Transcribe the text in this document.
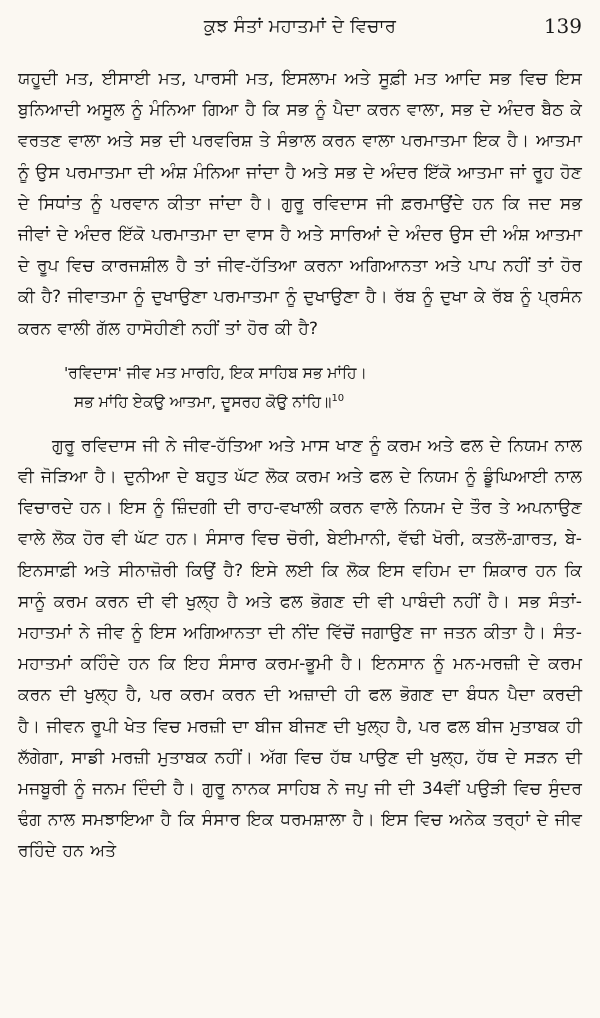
ਕੁਝ ਸੰਤਾਂ ਮਹਾਤਮਾਂ ਦੇ ਵਿਚਾਰ	139

ਯਹੂਦੀ ਮਤ, ਈਸਾਈ ਮਤ, ਪਾਰਸੀ ਮਤ, ਇਸਲਾਮ ਅਤੇ ਸੂਫ਼ੀ ਮਤ ਆਦਿ ਸਭ ਵਿਚ ਇਸ ਬੁਨਿਆਦੀ ਅਸੂਲ ਨੂੰ ਮੰਨਿਆ ਗਿਆ ਹੈ ਕਿ ਸਭ ਨੂੰ ਪੈਦਾ ਕਰਨ ਵਾਲਾ, ਸਭ ਦੇ ਅੰਦਰ ਬੈਠ ਕੇ ਵਰਤਣ ਵਾਲਾ ਅਤੇ ਸਭ ਦੀ ਪਰਵਰਿਸ਼ ਤੇ ਸੰਭਾਲ ਕਰਨ ਵਾਲਾ ਪਰਮਾਤਮਾ ਇਕ ਹੈ। ਆਤਮਾ ਨੂੰ ਉਸ ਪਰਮਾਤਮਾ ਦੀ ਅੰਸ਼ ਮੰਨਿਆ ਜਾਂਦਾ ਹੈ ਅਤੇ ਸਭ ਦੇ ਅੰਦਰ ਇੱਕੋ ਆਤਮਾ ਜਾਂ ਰੂਹ ਹੋਣ ਦੇ ਸਿਧਾਂਤ ਨੂੰ ਪਰਵਾਨ ਕੀਤਾ ਜਾਂਦਾ ਹੈ। ਗੁਰੂ ਰਵਿਦਾਸ ਜੀ ਫ਼ਰਮਾਉਂਦੇ ਹਨ ਕਿ ਜਦ ਸਭ ਜੀਵਾਂ ਦੇ ਅੰਦਰ ਇੱਕੋ ਪਰਮਾਤਮਾ ਦਾ ਵਾਸ ਹੈ ਅਤੇ ਸਾਰਿਆਂ ਦੇ ਅੰਦਰ ਉਸ ਦੀ ਅੰਸ਼ ਆਤਮਾ ਦੇ ਰੂਪ ਵਿਚ ਕਾਰਜਸ਼ੀਲ ਹੈ ਤਾਂ ਜੀਵ-ਹੱਤਿਆ ਕਰਨਾ ਅਗਿਆਨਤਾ ਅਤੇ ਪਾਪ ਨਹੀਂ ਤਾਂ ਹੋਰ ਕੀ ਹੈ? ਜੀਵਾਤਮਾ ਨੂੰ ਦੁਖਾਉਣਾ ਪਰਮਾਤਮਾ ਨੂੰ ਦੁਖਾਉਣਾ ਹੈ। ਰੱਬ ਨੂੰ ਦੁਖਾ ਕੇ ਰੱਬ ਨੂੰ ਪ੍ਰਸੰਨ ਕਰਨ ਵਾਲੀ ਗੱਲ ਹਾਸੋਹੀਣੀ ਨਹੀਂ ਤਾਂ ਹੋਰ ਕੀ ਹੈ?

'ਰਵਿਦਾਸ' ਜੀਵ ਮਤ ਮਾਰਹਿ, ਇਕ ਸਾਹਿਬ ਸਭ ਮਾਂਹਿ।
ਸਭ ਮਾਂਹਿ ਏਕਉ ਆਤਮਾ, ਦੂਸਰਹ ਕੋਉ ਨਾਂਹਿ॥$^{10}$

ਗੁਰੂ ਰਵਿਦਾਸ ਜੀ ਨੇ ਜੀਵ-ਹੱਤਿਆ ਅਤੇ ਮਾਸ ਖਾਣ ਨੂੰ ਕਰਮ ਅਤੇ ਫਲ ਦੇ ਨਿਯਮ ਨਾਲ ਵੀ ਜੋੜਿਆ ਹੈ। ਦੁਨੀਆ ਦੇ ਬਹੁਤ ਘੱਟ ਲੋਕ ਕਰਮ ਅਤੇ ਫਲ ਦੇ ਨਿਯਮ ਨੂੰ ਡੂੰਘਿਆਈ ਨਾਲ ਵਿਚਾਰਦੇ ਹਨ। ਇਸ ਨੂੰ ਜ਼ਿੰਦਗੀ ਦੀ ਰਾਹ-ਵਖਾਲੀ ਕਰਨ ਵਾਲੇ ਨਿਯਮ ਦੇ ਤੌਰ ਤੇ ਅਪਨਾਉਣ ਵਾਲੇ ਲੋਕ ਹੋਰ ਵੀ ਘੱਟ ਹਨ। ਸੰਸਾਰ ਵਿਚ ਚੋਰੀ, ਬੇਈਮਾਨੀ, ਵੱਢੀ ਖੋਰੀ, ਕਤਲੋ-ਗ਼ਾਰਤ, ਬੇ-ਇਨਸਾਫ਼ੀ ਅਤੇ ਸੀਨਾਜ਼ੋਰੀ ਕਿਉਂ ਹੈ? ਇਸੇ ਲਈ ਕਿ ਲੋਕ ਇਸ ਵਹਿਮ ਦਾ ਸ਼ਿਕਾਰ ਹਨ ਕਿ ਸਾਨੂੰ ਕਰਮ ਕਰਨ ਦੀ ਵੀ ਖੁਲ੍ਹ ਹੈ ਅਤੇ ਫਲ ਭੋਗਣ ਦੀ ਵੀ ਪਾਬੰਦੀ ਨਹੀਂ ਹੈ। ਸਭ ਸੰਤਾਂ-ਮਹਾਤਮਾਂ ਨੇ ਜੀਵ ਨੂੰ ਇਸ ਅਗਿਆਨਤਾ ਦੀ ਨੀਂਦ ਵਿੱਚੋਂ ਜਗਾਉਣ ਜਾ ਜਤਨ ਕੀਤਾ ਹੈ। ਸੰਤ-ਮਹਾਤਮਾਂ ਕਹਿੰਦੇ ਹਨ ਕਿ ਇਹ ਸੰਸਾਰ ਕਰਮ-ਭੂਮੀ ਹੈ। ਇਨਸਾਨ ਨੂੰ ਮਨ-ਮਰਜ਼ੀ ਦੇ ਕਰਮ ਕਰਨ ਦੀ ਖੁਲ੍ਹ ਹੈ, ਪਰ ਕਰਮ ਕਰਨ ਦੀ ਅਜ਼ਾਦੀ ਹੀ ਫਲ ਭੋਗਣ ਦਾ ਬੰਧਨ ਪੈਦਾ ਕਰਦੀ ਹੈ। ਜੀਵਨ ਰੂਪੀ ਖੇਤ ਵਿਚ ਮਰਜ਼ੀ ਦਾ ਬੀਜ ਬੀਜਣ ਦੀ ਖੁਲ੍ਹ ਹੈ, ਪਰ ਫਲ ਬੀਜ ਮੁਤਾਬਕ ਹੀ ਲੱਗੇਗਾ, ਸਾਡੀ ਮਰਜ਼ੀ ਮੁਤਾਬਕ ਨਹੀਂ। ਅੱਗ ਵਿਚ ਹੱਥ ਪਾਉਣ ਦੀ ਖੁਲ੍ਹ, ਹੱਥ ਦੇ ਸੜਨ ਦੀ ਮਜਬੂਰੀ ਨੂੰ ਜਨਮ ਦਿੰਦੀ ਹੈ। ਗੁਰੂ ਨਾਨਕ ਸਾਹਿਬ ਨੇ ਜਪੁ ਜੀ ਦੀ 34ਵੀਂ ਪਉੜੀ ਵਿਚ ਸੁੰਦਰ ਢੰਗ ਨਾਲ ਸਮਝਾਇਆ ਹੈ ਕਿ ਸੰਸਾਰ ਇਕ ਧਰਮਸ਼ਾਲਾ ਹੈ। ਇਸ ਵਿਚ ਅਨੇਕ ਤਰ੍ਹਾਂ ਦੇ ਜੀਵ ਰਹਿੰਦੇ ਹਨ ਅਤੇ
